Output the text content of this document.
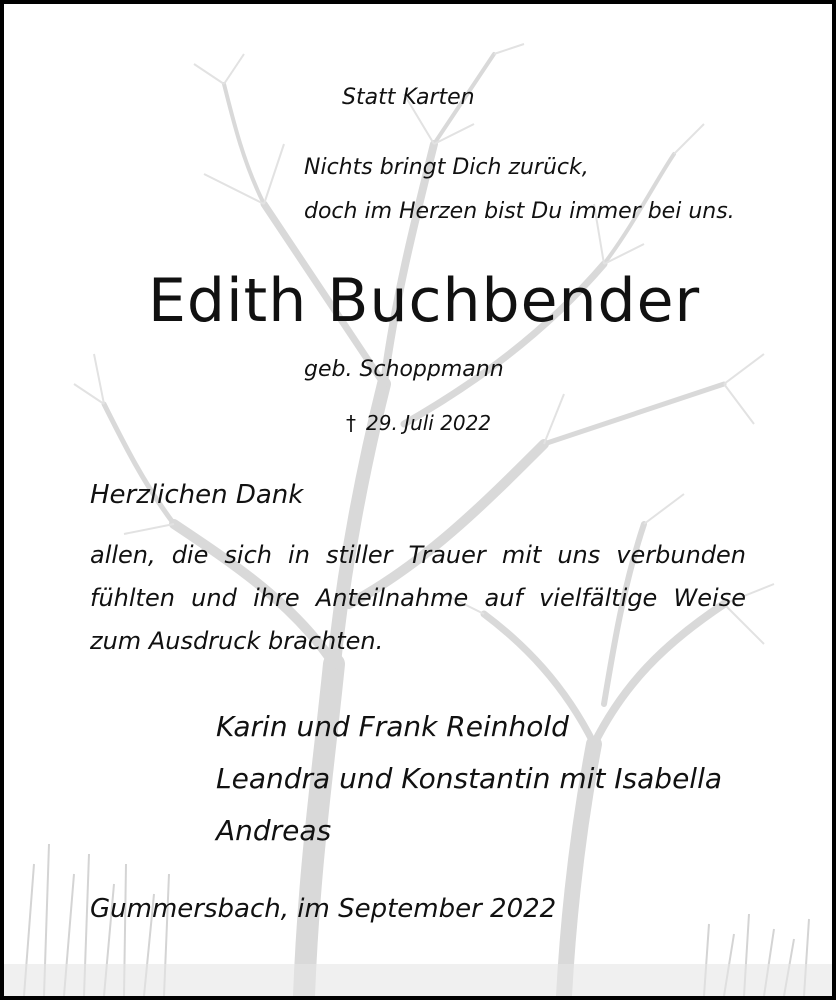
Statt Karten

Nichts bringt Dich zurück,

doch im Herzen bist Du immer bei uns.

Edith Buchbender

geb. Schoppmann

† 29. Juli 2022

Herzlichen Dank

allen, die sich in stiller Trauer mit uns verbunden fühlten und ihre Anteilnahme auf vielfältige Weise zum Ausdruck brachten.

Karin und Frank Reinhold

Leandra und Konstantin mit Isabella

Andreas

Gummersbach, im September 2022
